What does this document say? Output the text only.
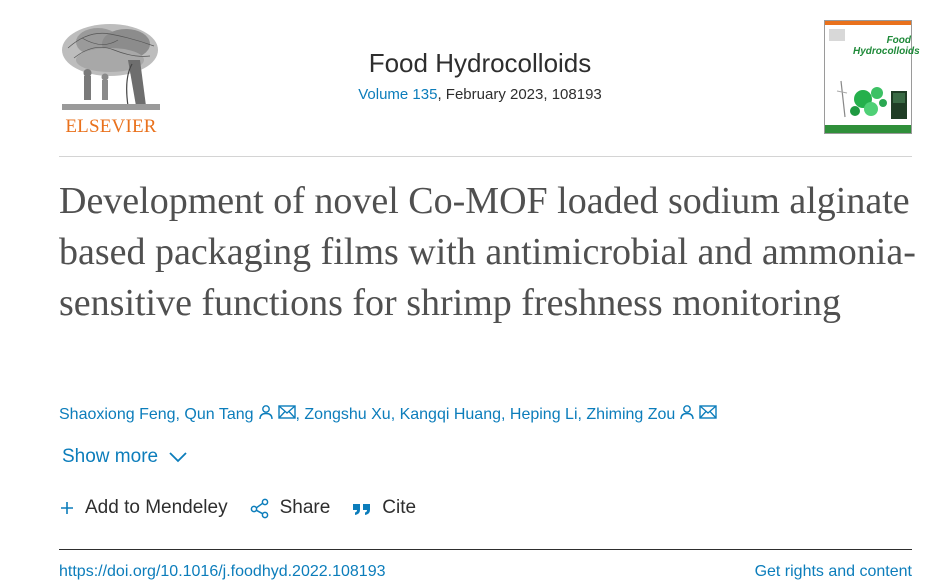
ELSEVIER
Food Hydrocolloids
Volume 135, February 2023, 108193
Food
Hydrocolloids
Development of novel Co-MOF loaded sodium alginate based packaging films with antimicrobial and ammonia-sensitive functions for shrimp freshness monitoring
Shaoxiong Feng, Qun Tang	, Zongshu Xu, Kangqi Huang, Heping Li, Zhiming Zou
Show more
Add to Mendeley	Share	Cite
https://doi.org/10.1016/j.foodhyd.2022.108193	Get rights and content
